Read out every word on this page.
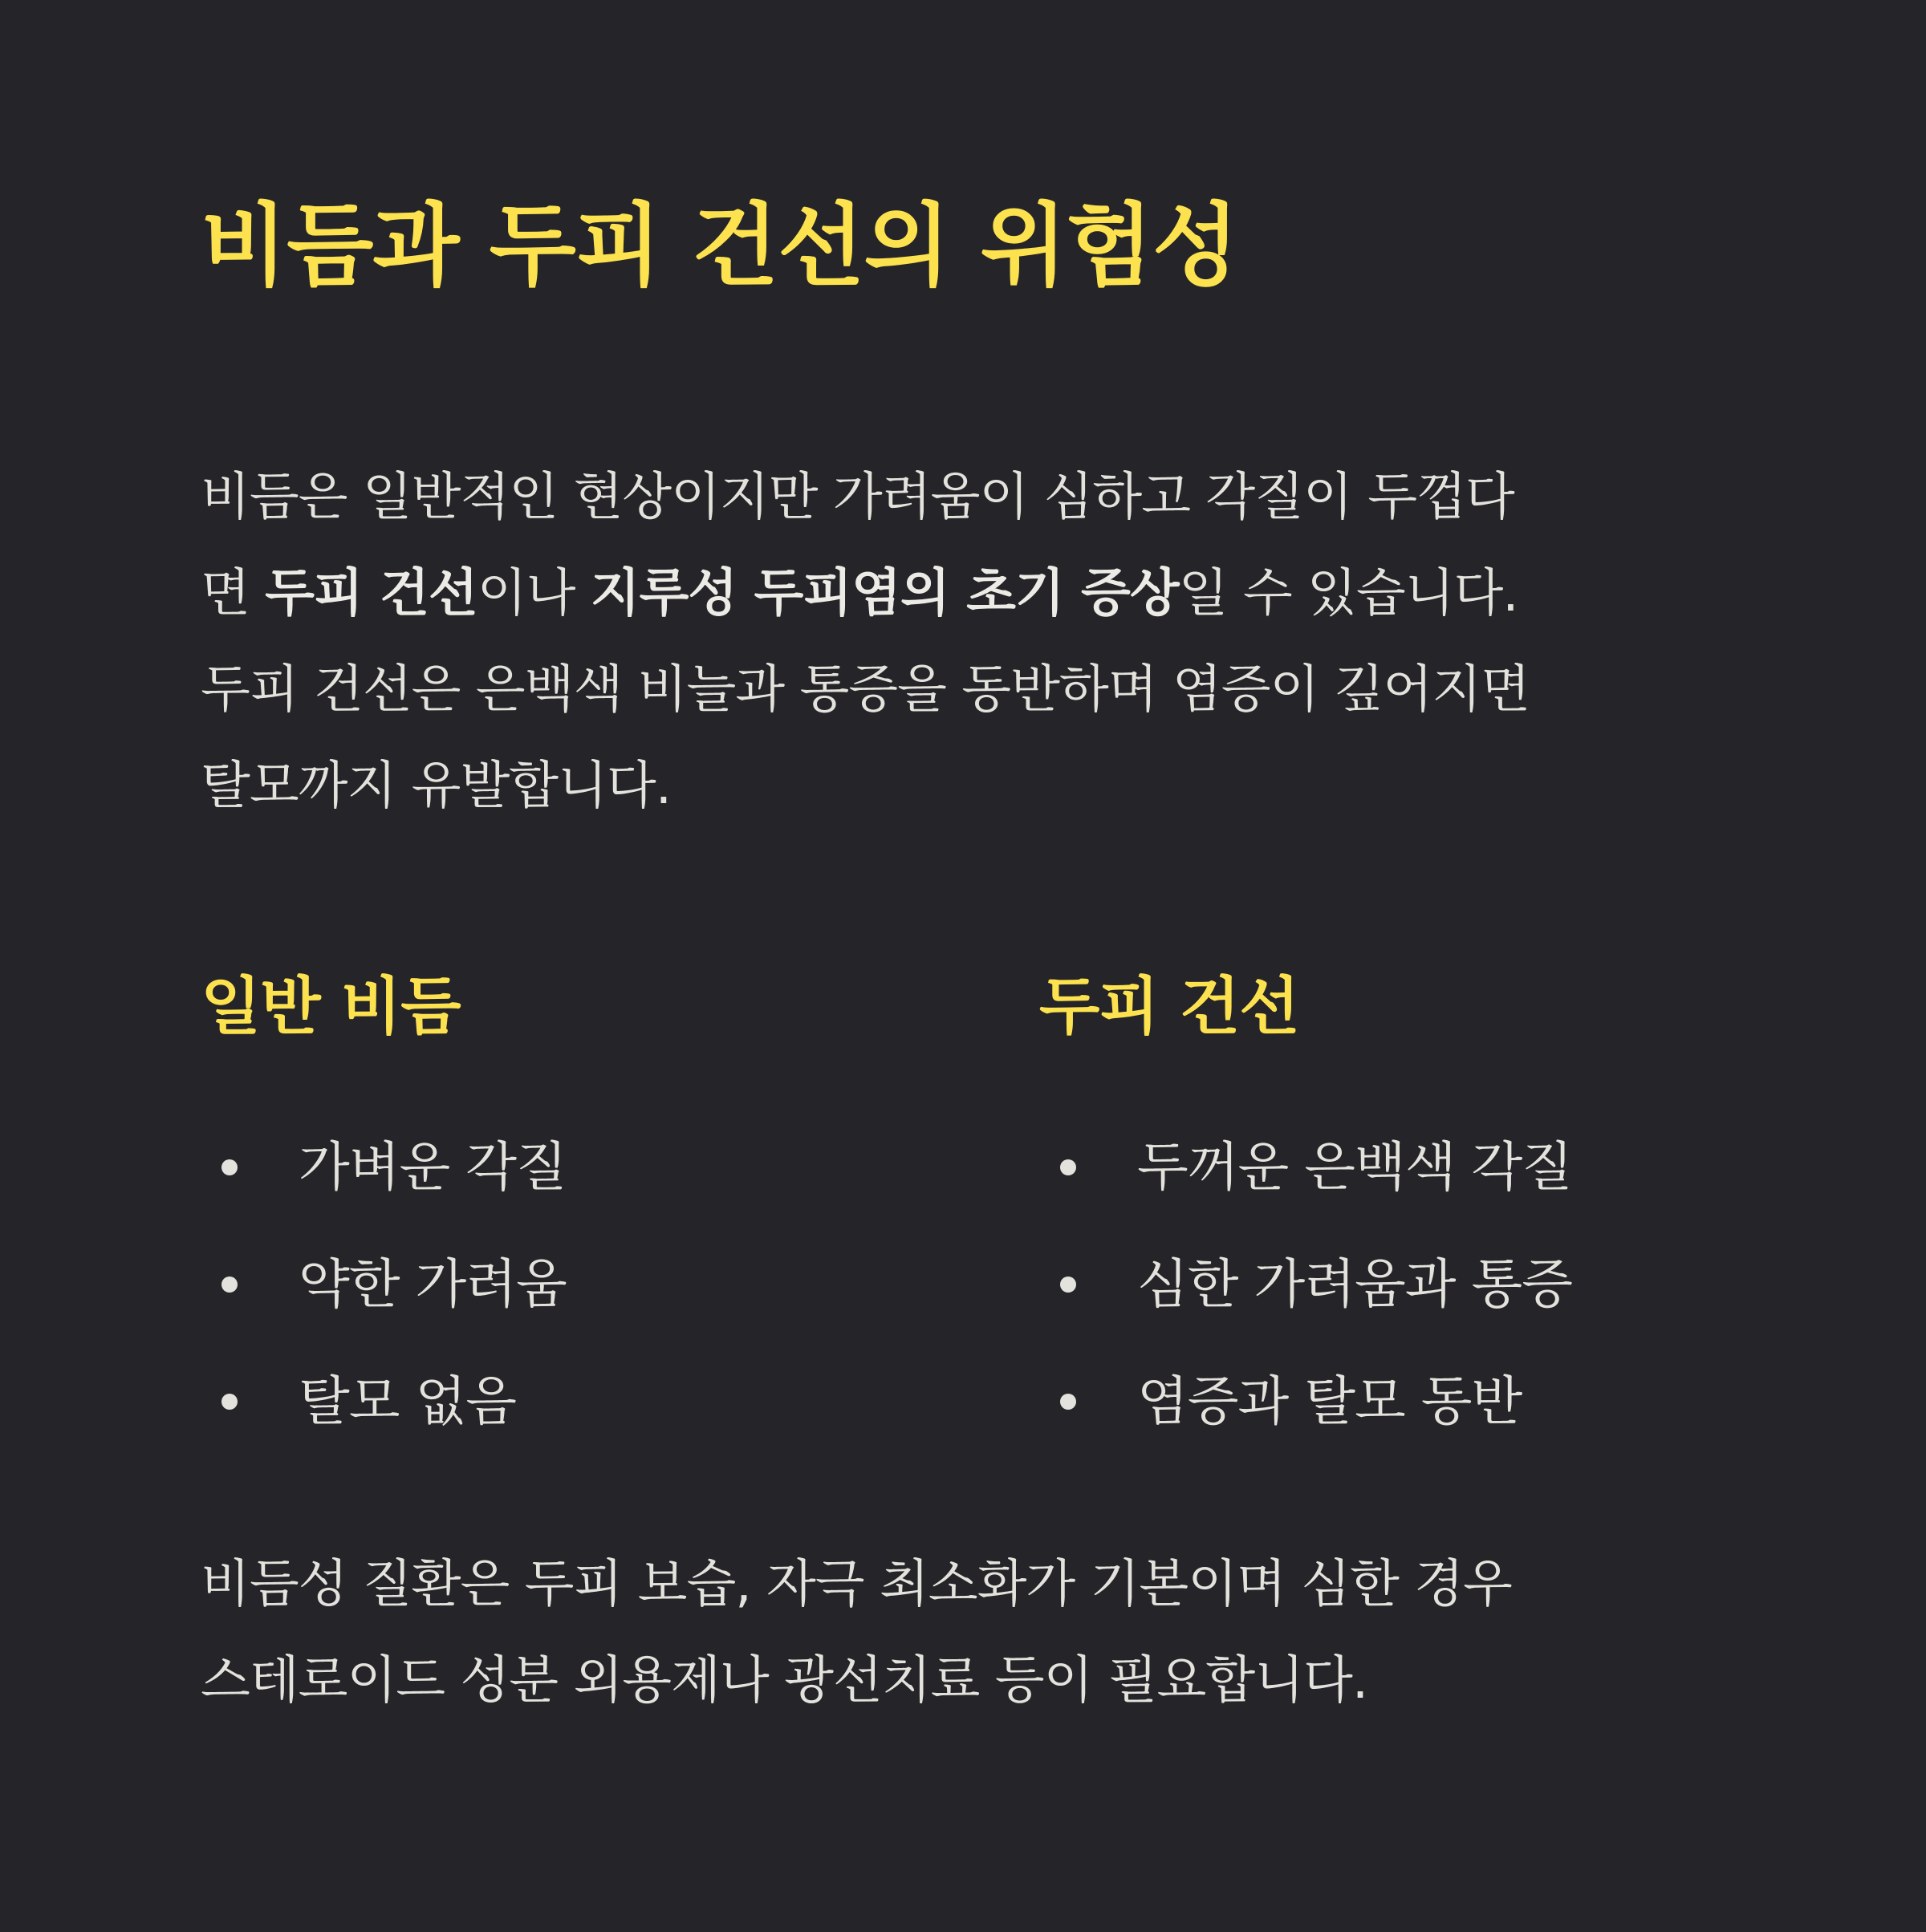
비듬과 두피 건선의 위험성

비듬은 일반적인 현상이지만 가려움이 심하고 각질이 두껍다
면 두피 건선이나 지루성 두피염의 초기 증상일 수 있습니다.
두피 건선은 은백색 비늘과 통증을 동반하며 염증이 깊어지면
탈모까지 유발합니다.

일반 비듬
가벼운 각질
약한 가려움
탈모 없음
두피 건선
두꺼운 은백색 각질
심한 가려움과 통증
염증과 탈모 동반

비듬성 질환은 두피 보습, 자극 최소화가 기본이며 심한 경우
스테로이드 성분 외용제나 광선치료 등이 필요합니다.
